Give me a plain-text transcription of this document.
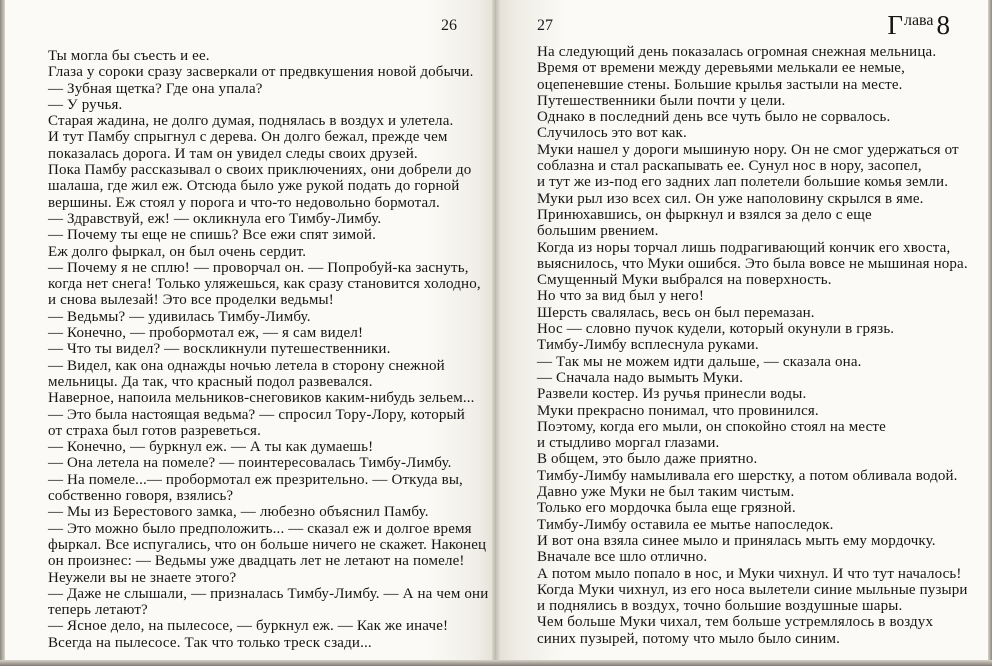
26
Ты могла бы съесть и ее.
Глаза у сороки сразу засверкали от предвкушения новой добычи.
— Зубная щетка? Где она упала?
— У ручья.
Старая жадина, не долго думая, поднялась в воздух и улетела.
И тут Памбу спрыгнул с дерева. Он долго бежал, прежде чем
показалась дорога. И там он увидел следы своих друзей.
Пока Памбу рассказывал о своих приключениях, они добрели до
шалаша, где жил еж. Отсюда было уже рукой подать до горной
вершины. Еж стоял у порога и что-то недовольно бормотал.
— Здравствуй, еж! — окликнула его Тимбу-Лимбу.
— Почему ты еще не спишь? Все ежи спят зимой.
Еж долго фыркал, он был очень сердит.
— Почему я не сплю! — проворчал он. — Попробуй-ка заснуть,
когда нет снега! Только уляжешься, как сразу становится холодно,
и снова вылезай! Это все проделки ведьмы!
— Ведьмы? — удивилась Тимбу-Лимбу.
— Конечно, — пробормотал еж, — я сам видел!
— Что ты видел? — воскликнули путешественники.
— Видел, как она однажды ночью летела в сторону снежной
мельницы. Да так, что красный подол развевался.
Наверное, напоила мельников-снеговиков каким-нибудь зельем...
— Это была настоящая ведьма? — спросил Тору-Лору, который
от страха был готов разреветься.
— Конечно, — буркнул еж. — А ты как думаешь!
— Она летела на помеле? — поинтересовалась Тимбу-Лимбу.
— На помеле...— пробормотал еж презрительно. — Откуда вы,
собственно говоря, взялись?
— Мы из Берестового замка, — любезно объяснил Памбу.
— Это можно было предположить... — сказал еж и долгое время
фыркал. Все испугались, что он больше ничего не скажет. Наконец
он произнес: — Ведьмы уже двадцать лет не летают на помеле!
Неужели вы не знаете этого?
— Даже не слышали, — призналась Тимбу-Лимбу. — А на чем они
теперь летают?
— Ясное дело, на пылесосе, — буркнул еж. — Как же иначе!
Всегда на пылесосе. Так что только треск сзади...
27	Глава 8
На следующий день показалась огромная снежная мельница.
Время от времени между деревьями мелькали ее немые,
оцепеневшие стены. Большие крылья застыли на месте.
Путешественники были почти у цели.
Однако в последний день все чуть было не сорвалось.
Случилось это вот как.
Муки нашел у дороги мышиную нору. Он не смог удержаться от
соблазна и стал раскапывать ее. Сунул нос в нору, засопел,
и тут же из-под его задних лап полетели большие комья земли.
Муки рыл изо всех сил. Он уже наполовину скрылся в яме.
Принюхавшись, он фыркнул и взялся за дело с еще
большим рвением.
Когда из норы торчал лишь подрагивающий кончик его хвоста,
выяснилось, что Муки ошибся. Это была вовсе не мышиная нора.
Смущенный Муки выбрался на поверхность.
Но что за вид был у него!
Шерсть свалялась, весь он был перемазан.
Нос — словно пучок кудели, который окунули в грязь.
Тимбу-Лимбу всплеснула руками.
— Так мы не можем идти дальше, — сказала она.
— Сначала надо вымыть Муки.
Развели костер. Из ручья принесли воды.
Муки прекрасно понимал, что провинился.
Поэтому, когда его мыли, он спокойно стоял на месте
и стыдливо моргал глазами.
В общем, это было даже приятно.
Тимбу-Лимбу намыливала его шерстку, а потом обливала водой.
Давно уже Муки не был таким чистым.
Только его мордочка была еще грязной.
Тимбу-Лимбу оставила ее мытье напоследок.
И вот она взяла синее мыло и принялась мыть ему мордочку.
Вначале все шло отлично.
А потом мыло попало в нос, и Муки чихнул. И что тут началось!
Когда Муки чихнул, из его носа вылетели синие мыльные пузыри
и поднялись в воздух, точно большие воздушные шары.
Чем больше Муки чихал, тем больше устремлялось в воздух
синих пузырей, потому что мыло было синим.
